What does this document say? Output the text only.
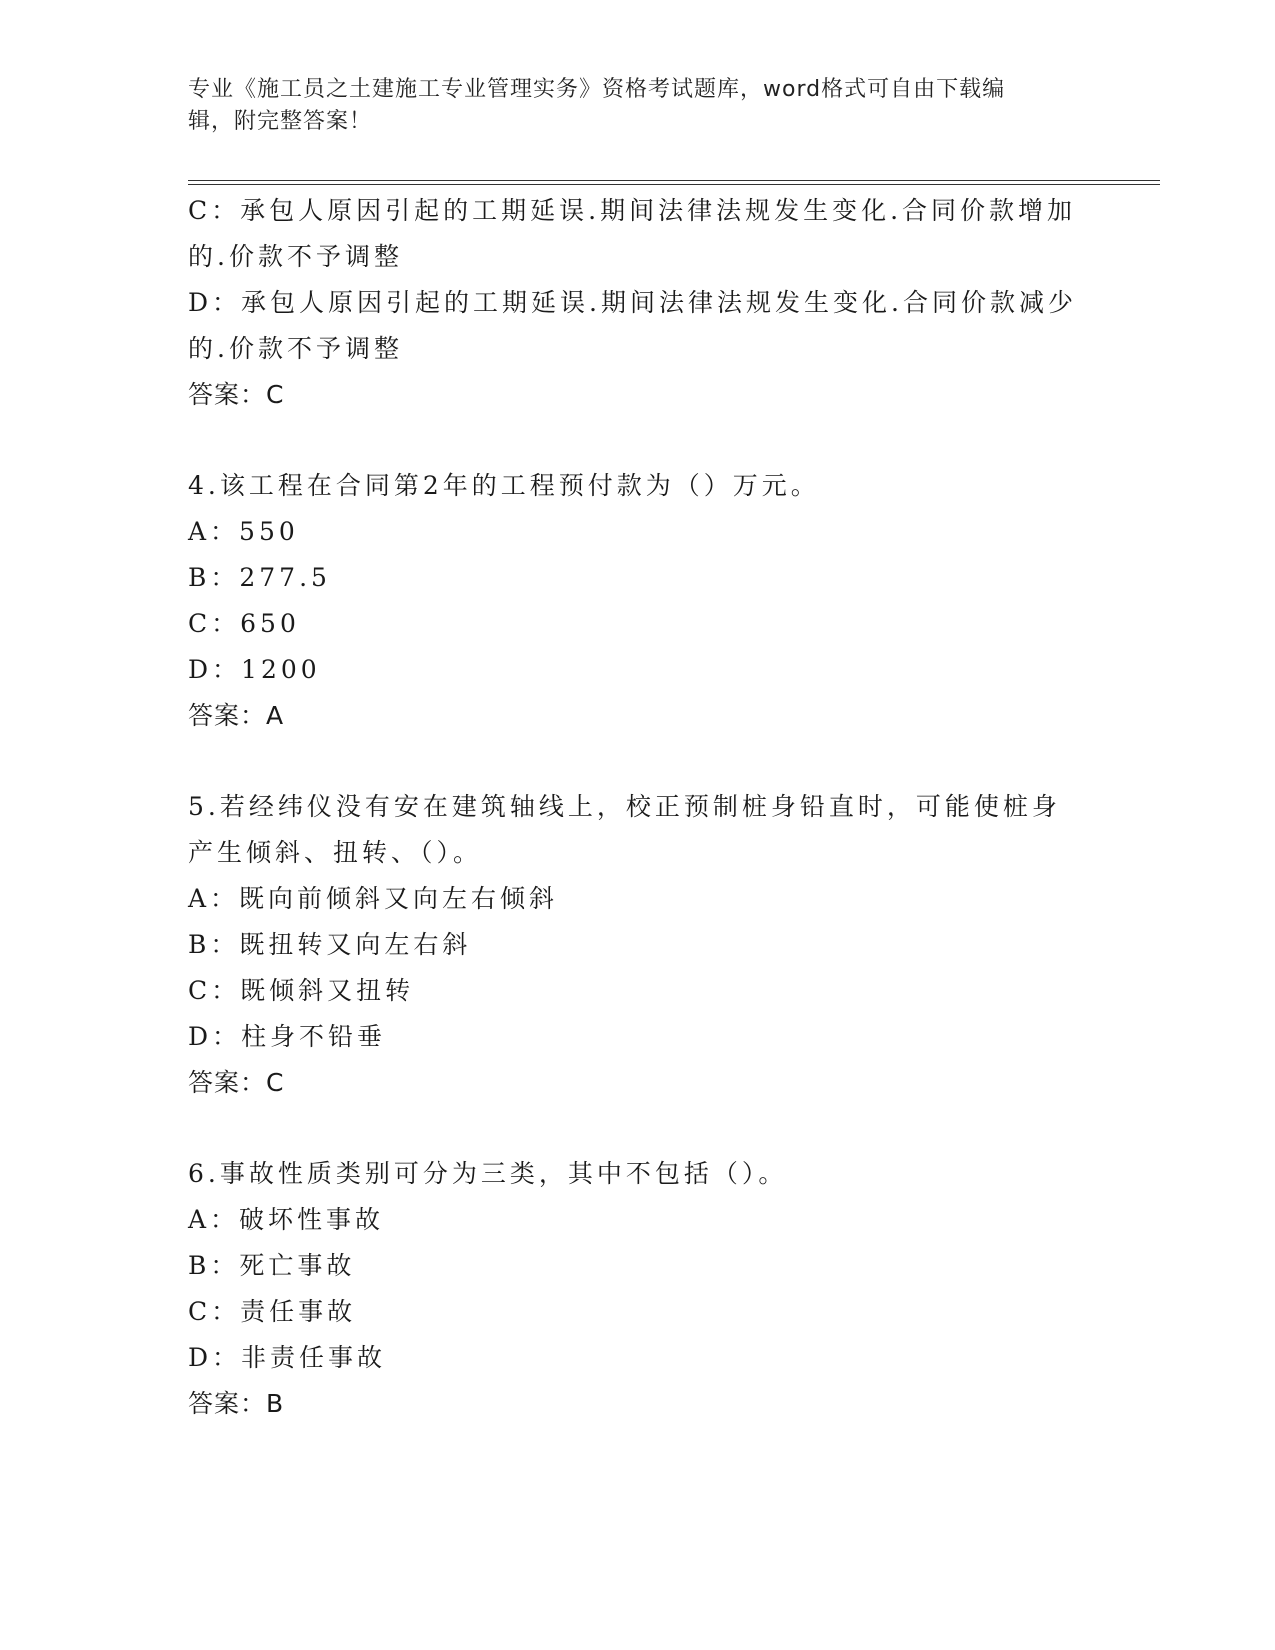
专业《施工员之土建施工专业管理实务》资格考试题库，word格式可自由下载编
辑，附完整答案！
C：承包人原因引起的工期延误.期间法律法规发生变化.合同价款增加
的.价款不予调整
D：承包人原因引起的工期延误.期间法律法规发生变化.合同价款减少
的.价款不予调整
答案：C
4.该工程在合同第2年的工程预付款为（）万元。
A：550
B：277.5
C：650
D：1200
答案：A
5.若经纬仪没有安在建筑轴线上，校正预制桩身铅直时，可能使桩身
产生倾斜、扭转、（）。
A：既向前倾斜又向左右倾斜
B：既扭转又向左右斜
C：既倾斜又扭转
D：柱身不铅垂
答案：C
6.事故性质类别可分为三类，其中不包括（）。
A：破坏性事故
B：死亡事故
C：责任事故
D：非责任事故
答案：B
